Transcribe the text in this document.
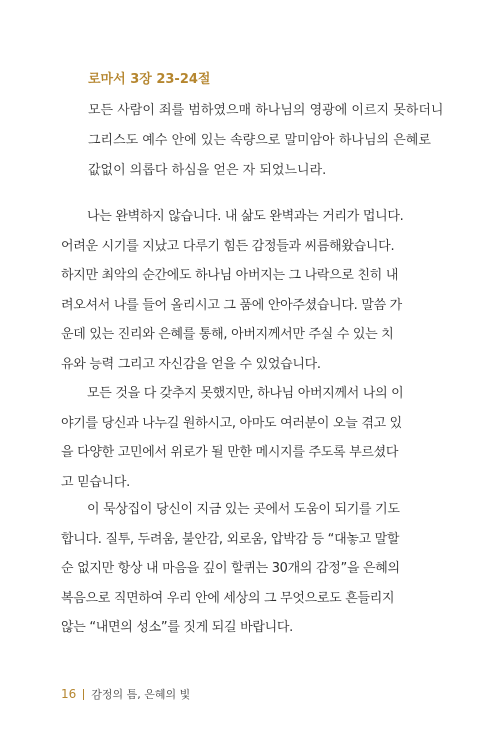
로마서 3장 23-24절
모든 사람이 죄를 범하였으매 하나님의 영광에 이르지 못하더니
그리스도 예수 안에 있는 속량으로 말미암아 하나님의 은혜로
값없이 의롭다 하심을 얻은 자 되었느니라.
나는 완벽하지 않습니다. 내 삶도 완벽과는 거리가 멉니다.
어려운 시기를 지났고 다루기 힘든 감정들과 씨름해왔습니다.
하지만 최악의 순간에도 하나님 아버지는 그 나락으로 친히 내
려오셔서 나를 들어 올리시고 그 품에 안아주셨습니다. 말씀 가
운데 있는 진리와 은혜를 통해, 아버지께서만 주실 수 있는 치
유와 능력 그리고 자신감을 얻을 수 있었습니다.
모든 것을 다 갖추지 못했지만, 하나님 아버지께서 나의 이
야기를 당신과 나누길 원하시고, 아마도 여러분이 오늘 겪고 있
을 다양한 고민에서 위로가 될 만한 메시지를 주도록 부르셨다
고 믿습니다.
이 묵상집이 당신이 지금 있는 곳에서 도움이 되기를 기도
합니다. 질투, 두려움, 불안감, 외로움, 압박감 등 “대놓고 말할
순 없지만 항상 내 마음을 깊이 할퀴는 30개의 감정”을 은혜의
복음으로 직면하여 우리 안에 세상의 그 무엇으로도 흔들리지
않는 “내면의 성소”를 짓게 되길 바랍니다.
16 감정의 틈, 은혜의 빛
